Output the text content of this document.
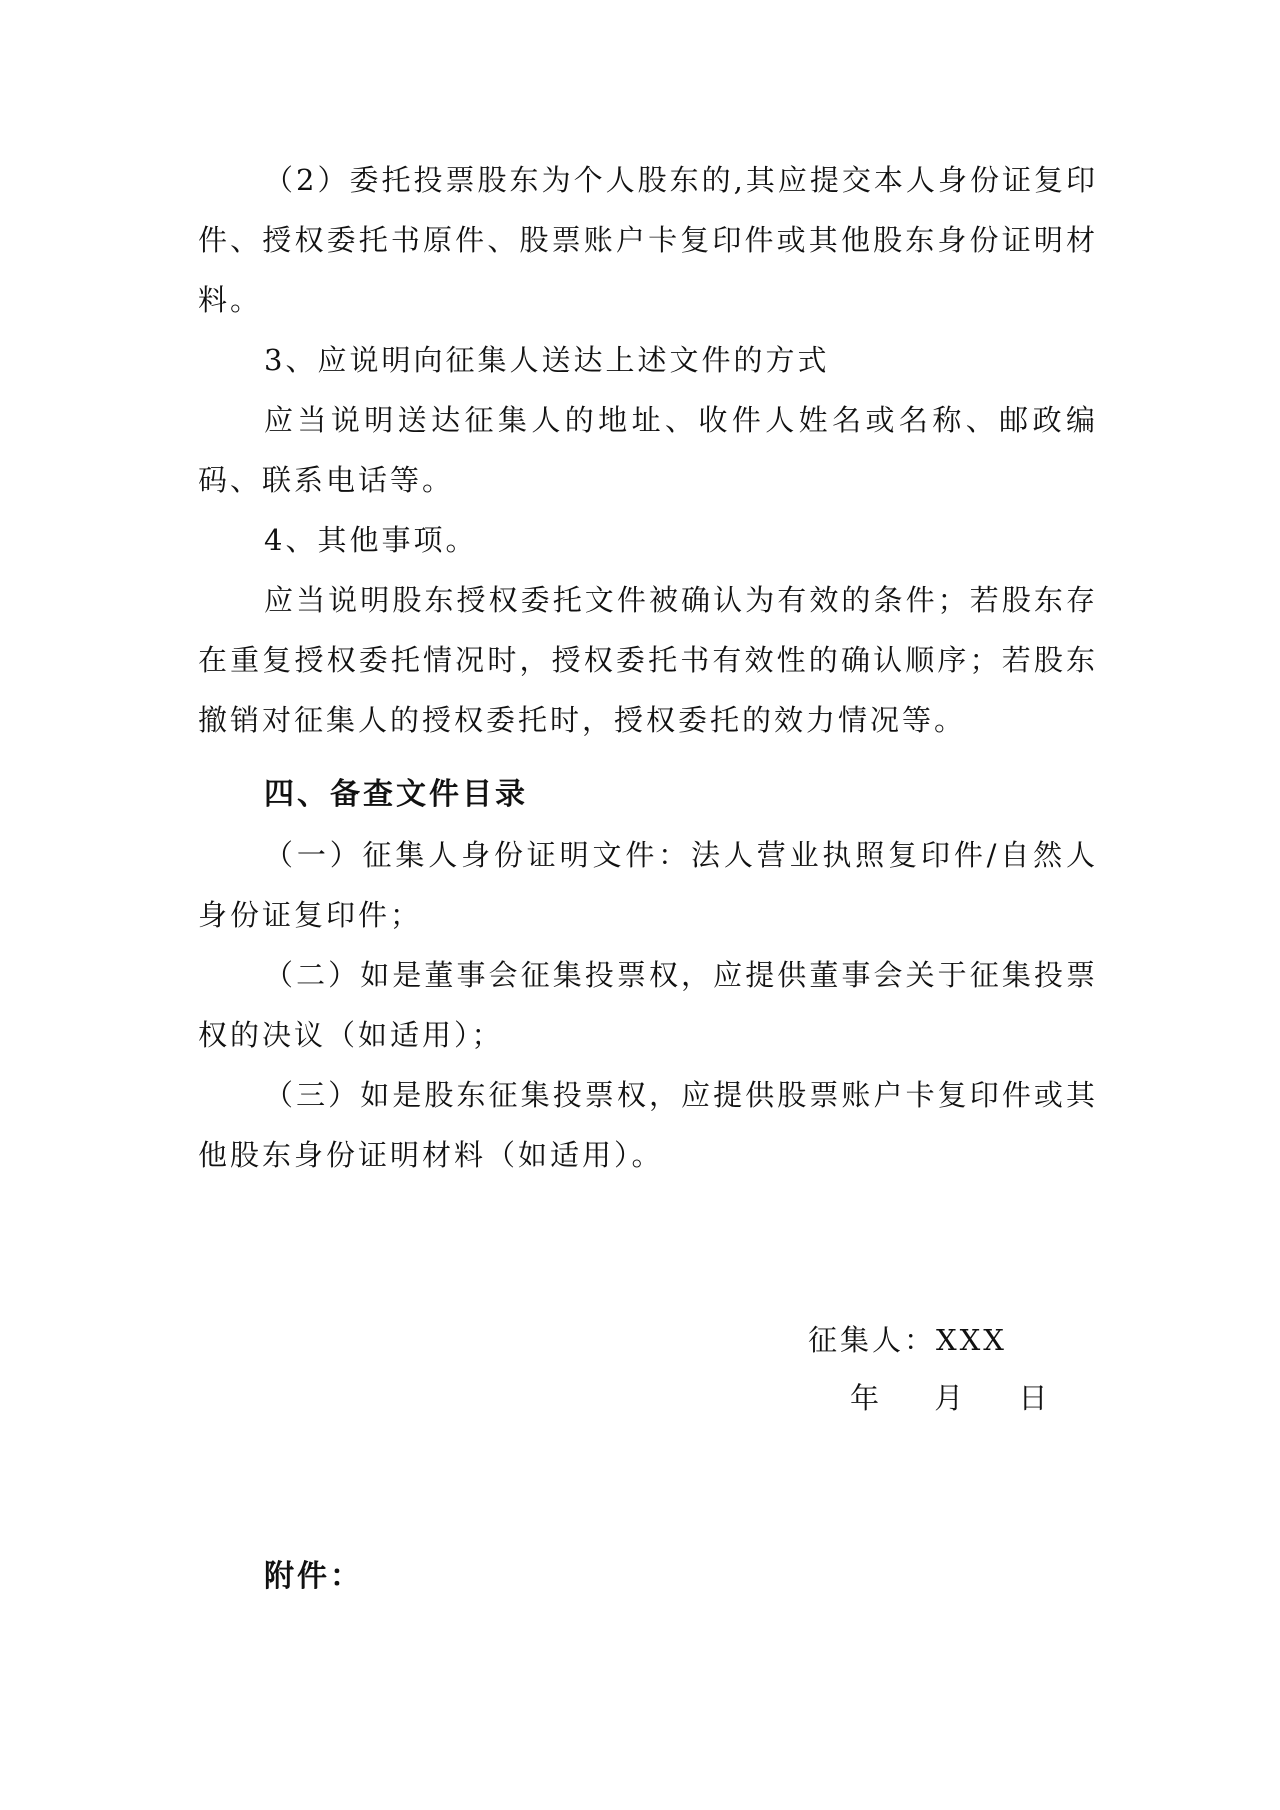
（2）委托投票股东为个人股东的,其应提交本人身份证复印件、授权委托书原件、股票账户卡复印件或其他股东身份证明材料。

3、应说明向征集人送达上述文件的方式

应当说明送达征集人的地址、收件人姓名或名称、邮政编码、联系电话等。

4、其他事项。

应当说明股东授权委托文件被确认为有效的条件；若股东存在重复授权委托情况时，授权委托书有效性的确认顺序；若股东撤销对征集人的授权委托时，授权委托的效力情况等。

四、备查文件目录

（一）征集人身份证明文件：法人营业执照复印件/自然人身份证复印件；

（二）如是董事会征集投票权，应提供董事会关于征集投票权的决议（如适用）；

（三）如是股东征集投票权，应提供股票账户卡复印件或其他股东身份证明材料（如适用）。

征集人：XXX

年 月 日

附件：
